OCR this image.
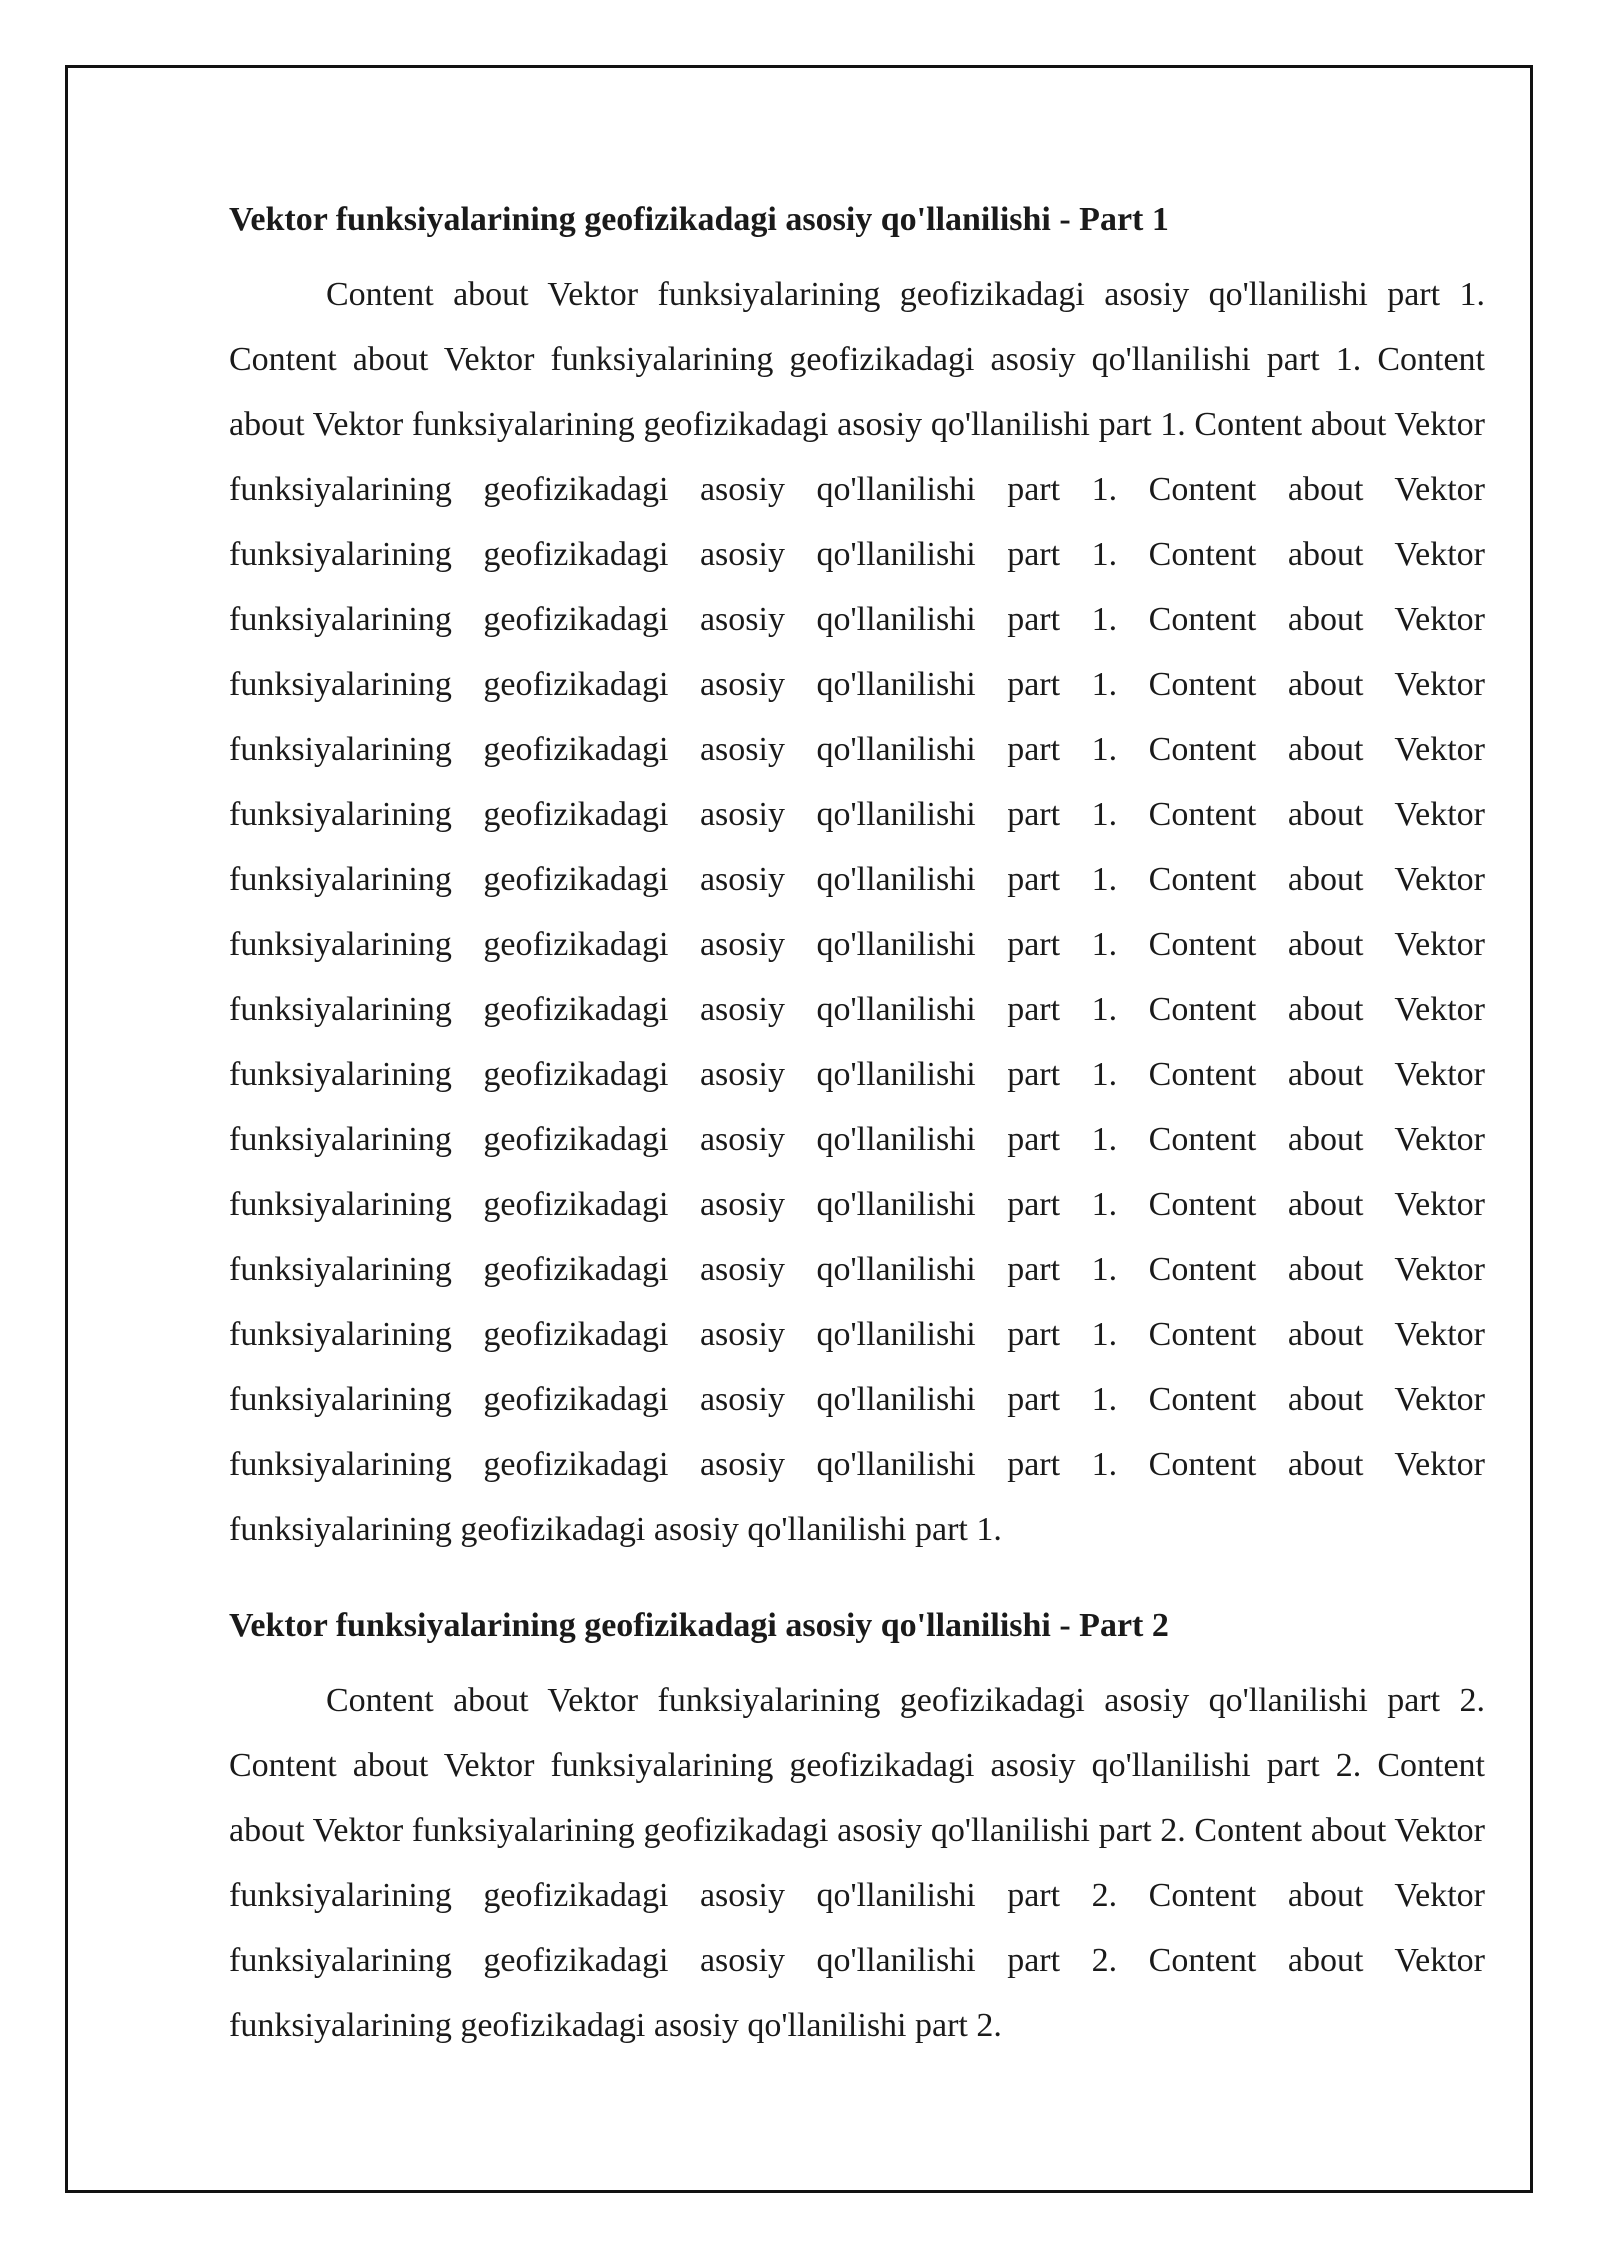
Vektor funksiyalarining geofizikadagi asosiy qo'llanilishi - Part 1

Content about Vektor funksiyalarining geofizikadagi asosiy qo'llanilishi part 1. Content about Vektor funksiyalarining geofizikadagi asosiy qo'llanilishi part 1. Content about Vektor funksiyalarining geofizikadagi asosiy qo'llanilishi part 1. Content about Vektor funksiyalarining geofizikadagi asosiy qo'llanilishi part 1. Content about Vektor funksiyalarining geofizikadagi asosiy qo'llanilishi part 1. Content about Vektor funksiyalarining geofizikadagi asosiy qo'llanilishi part 1. Content about Vektor funksiyalarining geofizikadagi asosiy qo'llanilishi part 1. Content about Vektor funksiyalarining geofizikadagi asosiy qo'llanilishi part 1. Content about Vektor funksiyalarining geofizikadagi asosiy qo'llanilishi part 1. Content about Vektor funksiyalarining geofizikadagi asosiy qo'llanilishi part 1. Content about Vektor funksiyalarining geofizikadagi asosiy qo'llanilishi part 1. Content about Vektor funksiyalarining geofizikadagi asosiy qo'llanilishi part 1. Content about Vektor funksiyalarining geofizikadagi asosiy qo'llanilishi part 1. Content about Vektor funksiyalarining geofizikadagi asosiy qo'llanilishi part 1. Content about Vektor funksiyalarining geofizikadagi asosiy qo'llanilishi part 1. Content about Vektor funksiyalarining geofizikadagi asosiy qo'llanilishi part 1. Content about Vektor funksiyalarining geofizikadagi asosiy qo'llanilishi part 1. Content about Vektor funksiyalarining geofizikadagi asosiy qo'llanilishi part 1. Content about Vektor funksiyalarining geofizikadagi asosiy qo'llanilishi part 1. Content about Vektor funksiyalarining geofizikadagi asosiy qo'llanilishi part 1.

Vektor funksiyalarining geofizikadagi asosiy qo'llanilishi - Part 2

Content about Vektor funksiyalarining geofizikadagi asosiy qo'llanilishi part 2. Content about Vektor funksiyalarining geofizikadagi asosiy qo'llanilishi part 2. Content about Vektor funksiyalarining geofizikadagi asosiy qo'llanilishi part 2. Content about Vektor funksiyalarining geofizikadagi asosiy qo'llanilishi part 2. Content about Vektor funksiyalarining geofizikadagi asosiy qo'llanilishi part 2. Content about Vektor funksiyalarining geofizikadagi asosiy qo'llanilishi part 2.
